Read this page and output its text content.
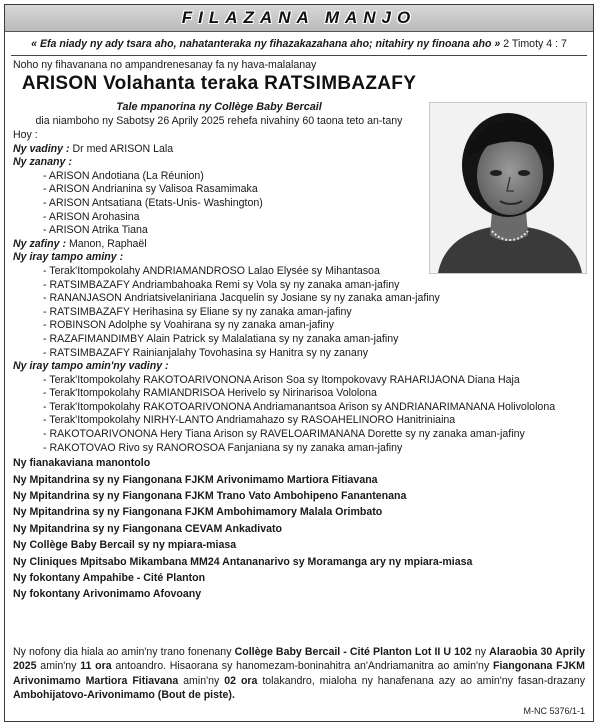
FILAZANA MANJO
« Efa niady ny ady tsara aho, nahatanteraka ny fihazakazahana aho; nitahiry ny finoana aho » 2 Timoty 4 : 7
Noho ny fihavanana no ampandrenesanay fa ny hava-malalanay
ARISON Volahanta teraka RATSIMBAZAFY
Tale mpanorina ny Collège Baby Bercail
dia niamboho ny Sabotsy 26 Aprily 2025 rehefa nivahiny 60 taona teto an-tany
Hoy :
Ny vadiny : Dr med ARISON Lala
Ny zanany :
- ARISON Andotiana (La Réunion)
- ARISON Andrianina sy Valisoa Rasamimaka
- ARISON Antsatiana (Etats-Unis- Washington)
- ARISON Arohasina
- ARISON Atrika Tiana
Ny zafiny : Manon, Raphaël
Ny iray tampo aminy :
- Terak'Itompokolahy ANDRIAMANDROSO Lalao Elysée sy Mihantasoa
- RATSIMBAZAFY Andriambahoaka Remi sy Vola sy ny zanaka aman-jafiny
- RANANJASON Andriatsivelaniriana Jacquelin sy Josiane sy ny zanaka aman-jafiny
- RATSIMBAZAFY Herihasina sy Eliane sy ny zanaka aman-jafiny
- ROBINSON Adolphe sy Voahirana sy ny zanaka aman-jafiny
- RAZAFIMANDIMBY Alain Patrick sy Malalatiana sy ny zanaka aman-jafiny
- RATSIMBAZAFY Rainianjalahy Tovohasina sy Hanitra sy ny zanany
Ny iray tampo amin'ny vadiny :
- Terak'Itompokolahy RAKOTOARIVONONA Arison Soa sy Itompokovavy RAHARIJAONA Diana Haja
- Terak'Itompokolahy RAMIANDRISOA Herivelo sy Nirinarisoa Vololona
- Terak'Itompokolahy RAKOTOARIVONONA Andriamanantsoa Arison sy ANDRIANARIMANANA Holivololona
- Terak'Itompokolahy NIRHY-LANTO Andriamahazo sy RASOAHELINORO Hanitriniaina
- RAKOTOARIVONONA Hery Tiana Arison sy RAVELOARIMANANA Dorette sy ny zanaka aman-jafiny
- RAKOTOVAO Rivo sy RANOROSOA Fanjaniana sy ny zanaka aman-jafiny
Ny fianakaviana manontolo
Ny Mpitandrina sy ny Fiangonana FJKM Arivonimamo Martiora Fitiavana
Ny Mpitandrina sy ny Fiangonana FJKM Trano Vato Ambohipeno Fanantenana
Ny Mpitandrina sy ny Fiangonana FJKM Ambohimamory Malala Orimbato
Ny Mpitandrina sy ny Fiangonana CEVAM Ankadivato
Ny Collège Baby Bercail sy ny mpiara-miasa
Ny Cliniques Mpitsabo Mikambana MM24 Antananarivo sy Moramanga ary ny mpiara-miasa
Ny fokontany Ampahibe - Cité Planton
Ny fokontany Arivonimamo Afovoany
Ny nofony dia hiala ao amin'ny trano fonenany Collège Baby Bercail - Cité Planton Lot II U 102 ny Alaraobia 30 Aprily 2025 amin'ny 11 ora antoandro. Hisaorana sy hanomezam-boninahitra an'Andriamanitra ao amin'ny Fiangonana FJKM Arivonimamo Martiora Fitiavana amin'ny 02 ora tolakandro, mialoha ny hanafenana azy ao amin'ny fasan-drazany Ambohijatovo-Arivonimamo (Bout de piste).
M-NC 5376/1-1
